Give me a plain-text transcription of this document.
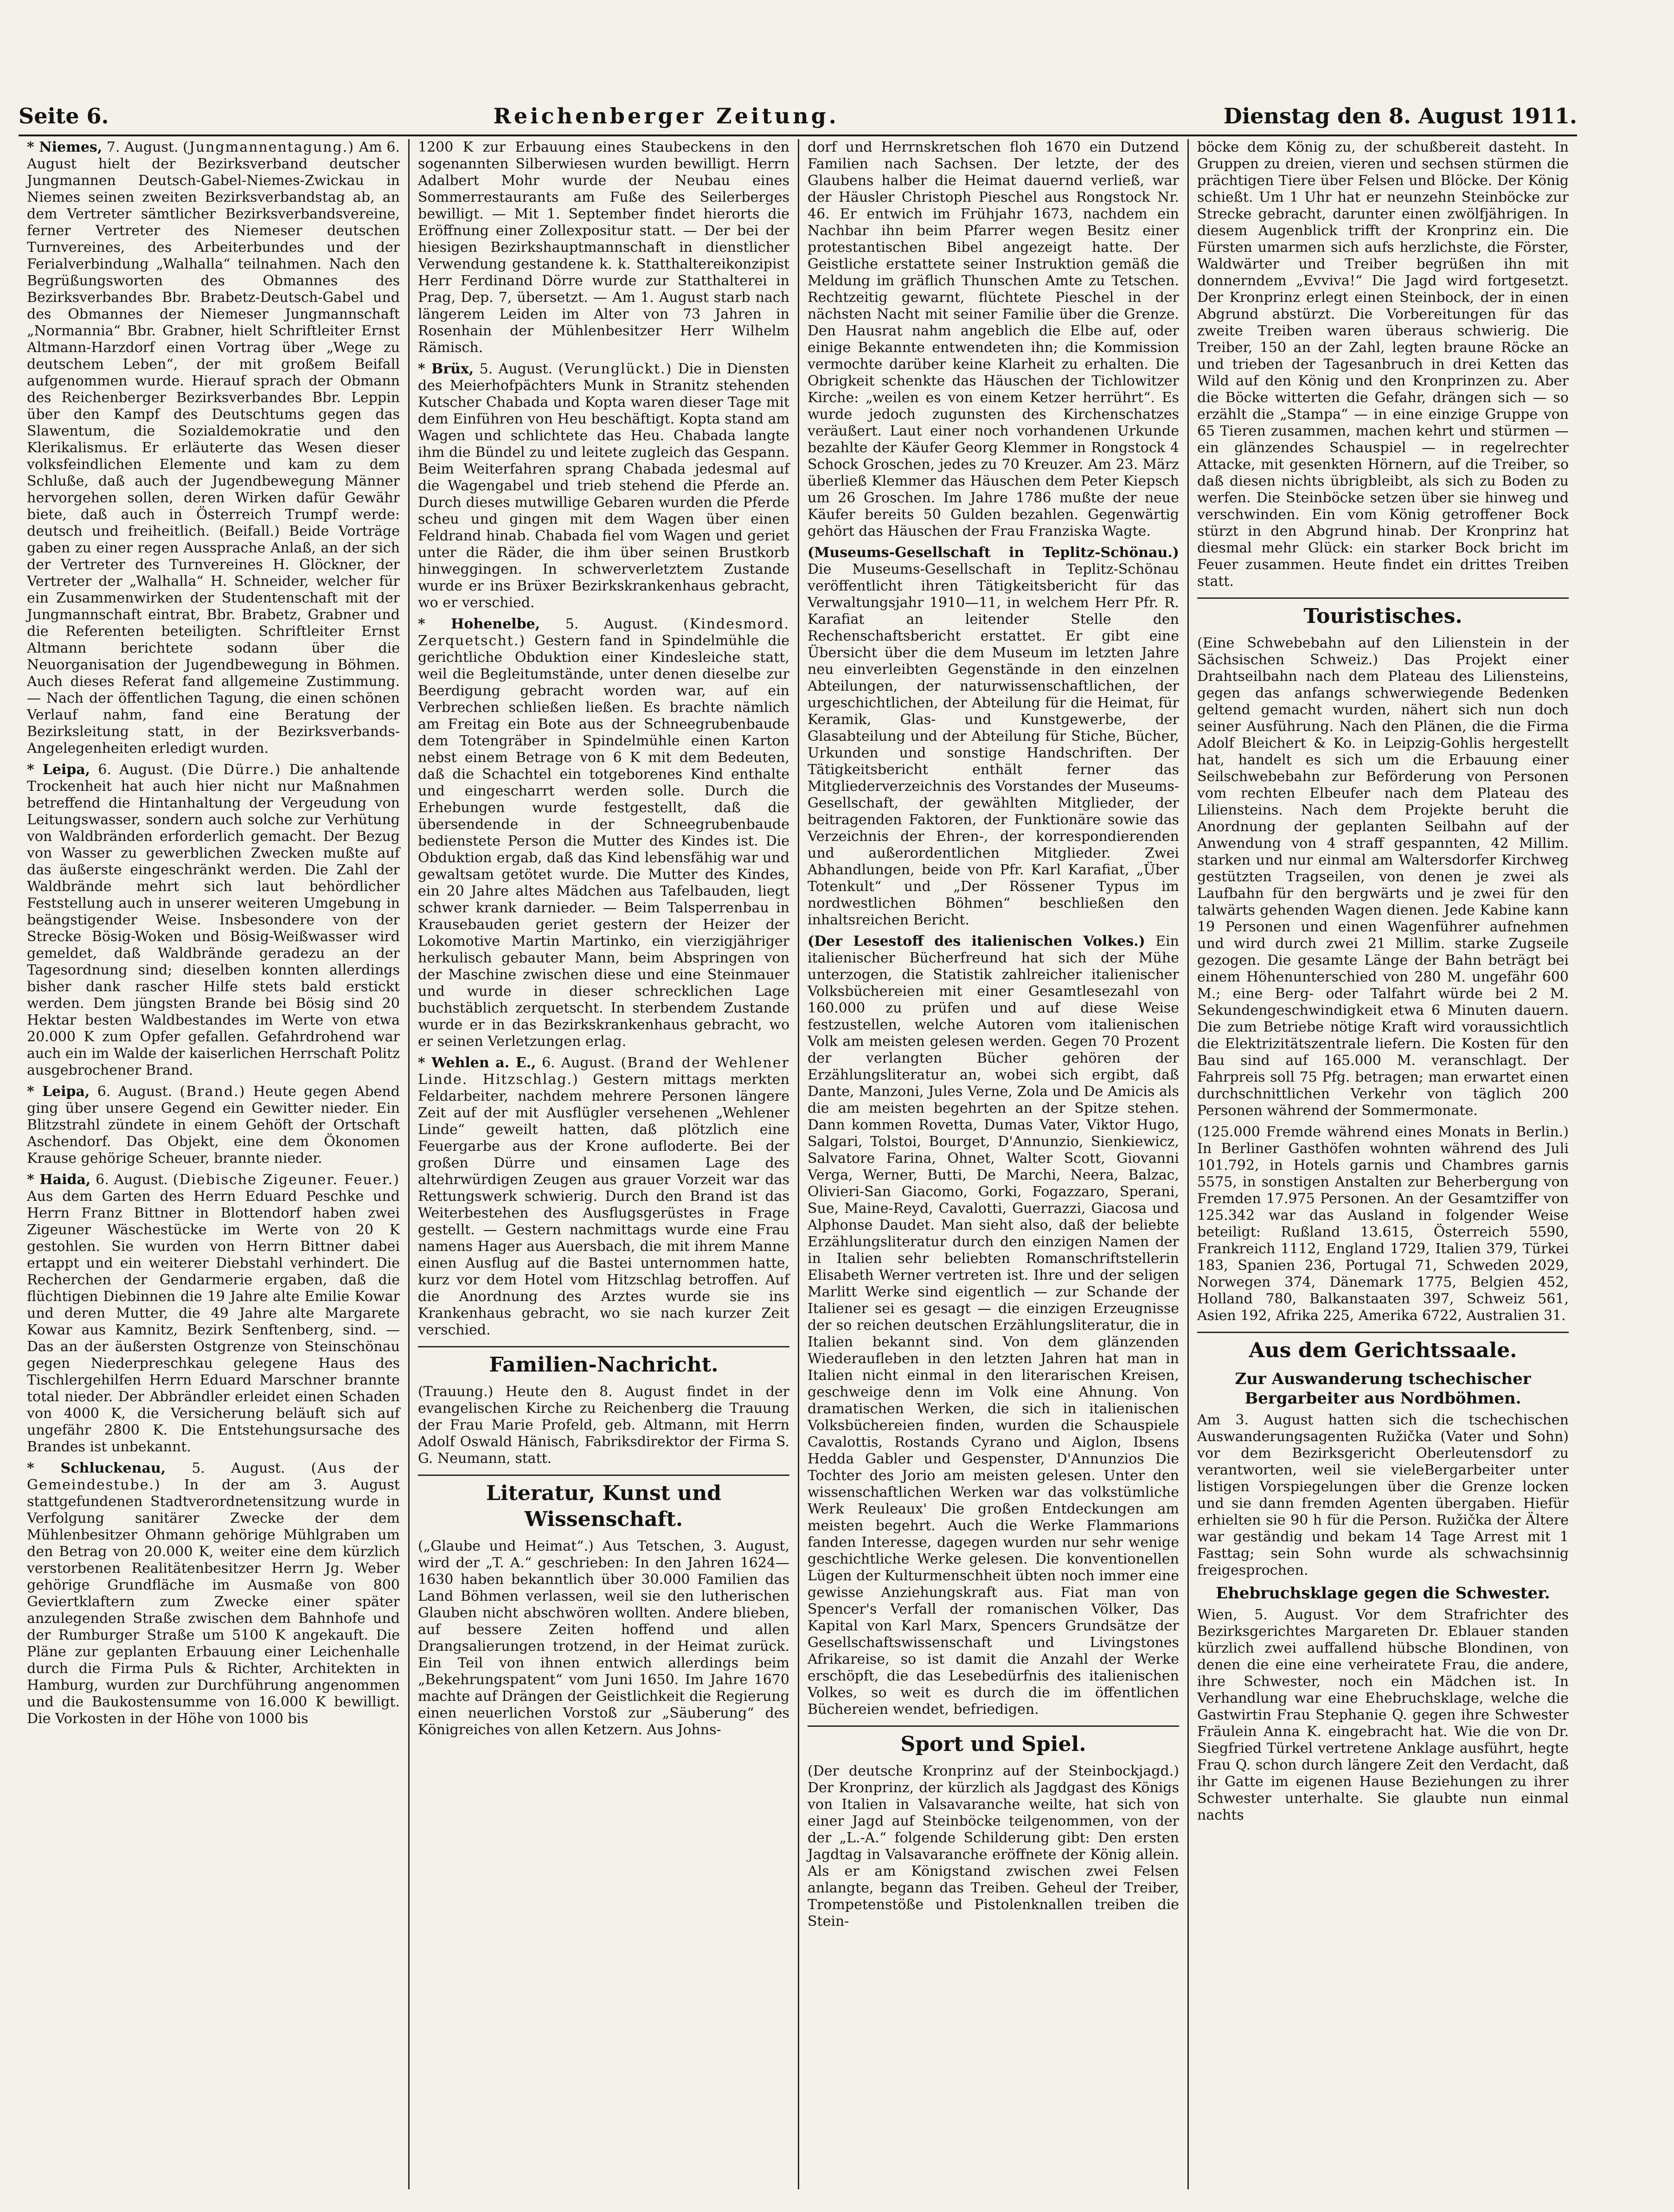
Seite 6.	Reichenberger Zeitung.	Dienstag den 8. August 1911.

* Niemes, 7. August. (Jungmannentagung.) Am 6. August hielt der Bezirksverband deutscher Jungmannen Deutsch-Gabel-Niemes-Zwickau in Niemes seinen zweiten Bezirksverbandstag ab, an dem Vertreter sämtlicher Bezirksverbandsvereine, ferner Vertreter des Niemeser deutschen Turnvereines, des Arbeiterbundes und der Ferialverbindung „Walhalla“ teilnahmen. Nach den Begrüßungsworten des Obmannes des Bezirksverbandes Bbr. Brabetz-Deutsch-Gabel und des Obmannes der Niemeser Jungmannschaft „Normannia“ Bbr. Grabner, hielt Schriftleiter Ernst Altmann-Harzdorf einen Vortrag über „Wege zu deutschem Leben“, der mit großem Beifall aufgenommen wurde. Hierauf sprach der Obmann des Reichenberger Bezirksverbandes Bbr. Leppin über den Kampf des Deutschtums gegen das Slawentum, die Sozialdemokratie und den Klerikalismus. Er erläuterte das Wesen dieser volksfeindlichen Elemente und kam zu dem Schluße, daß auch der Jugendbewegung Männer hervorgehen sollen, deren Wirken dafür Gewähr biete, daß auch in Österreich Trumpf werde: deutsch und freiheitlich. (Beifall.) Beide Vorträge gaben zu einer regen Aussprache Anlaß, an der sich der Vertreter des Turnvereines H. Glöckner, der Vertreter der „Walhalla“ H. Schneider, welcher für ein Zusammenwirken der Studentenschaft mit der Jungmannschaft eintrat, Bbr. Brabetz, Grabner und die Referenten beteiligten. Schriftleiter Ernst Altmann berichtete sodann über die Neuorganisation der Jugendbewegung in Böhmen. Auch dieses Referat fand allgemeine Zustimmung. — Nach der öffentlichen Tagung, die einen schönen Verlauf nahm, fand eine Beratung der Bezirksleitung statt, in der Bezirksverbands-Angelegenheiten erledigt wurden.

* Leipa, 6. August. (Die Dürre.) Die anhaltende Trockenheit hat auch hier nicht nur Maßnahmen betreffend die Hintanhaltung der Vergeudung von Leitungswasser, sondern auch solche zur Verhütung von Waldbränden erforderlich gemacht. Der Bezug von Wasser zu gewerblichen Zwecken mußte auf das äußerste eingeschränkt werden. Die Zahl der Waldbrände mehrt sich laut behördlicher Feststellung auch in unserer weiteren Umgebung in beängstigender Weise. Insbesondere von der Strecke Bösig-Woken und Bösig-Weißwasser wird gemeldet, daß Waldbrände geradezu an der Tagesordnung sind; dieselben konnten allerdings bisher dank rascher Hilfe stets bald erstickt werden. Dem jüngsten Brande bei Bösig sind 20 Hektar besten Waldbestandes im Werte von etwa 20.000 K zum Opfer gefallen. Gefahrdrohend war auch ein im Walde der kaiserlichen Herrschaft Politz ausgebrochener Brand.

* Leipa, 6. August. (Brand.) Heute gegen Abend ging über unsere Gegend ein Gewitter nieder. Ein Blitzstrahl zündete in einem Gehöft der Ortschaft Aschendorf. Das Objekt, eine dem Ökonomen Krause gehörige Scheuer, brannte nieder.

* Haida, 6. August. (Diebische Zigeuner. Feuer.) Aus dem Garten des Herrn Eduard Peschke und Herrn Franz Bittner in Blottendorf haben zwei Zigeuner Wäschestücke im Werte von 20 K gestohlen. Sie wurden von Herrn Bittner dabei ertappt und ein weiterer Diebstahl verhindert. Die Recherchen der Gendarmerie ergaben, daß die flüchtigen Diebinnen die 19 Jahre alte Emilie Kowar und deren Mutter, die 49 Jahre alte Margarete Kowar aus Kamnitz, Bezirk Senftenberg, sind. — Das an der äußersten Ostgrenze von Steinschönau gegen Niederpreschkau gelegene Haus des Tischlergehilfen Herrn Eduard Marschner brannte total nieder. Der Abbrändler erleidet einen Schaden von 4000 K, die Versicherung beläuft sich auf ungefähr 2800 K. Die Entstehungsursache des Brandes ist unbekannt.

* Schluckenau, 5. August. (Aus der Gemeindestube.) In der am 3. August stattgefundenen Stadtverordnetensitzung wurde in Verfolgung sanitärer Zwecke der dem Mühlenbesitzer Ohmann gehörige Mühlgraben um den Betrag von 20.000 K, weiter eine dem kürzlich verstorbenen Realitätenbesitzer Herrn Jg. Weber gehörige Grundfläche im Ausmaße von 800 Geviertklaftern zum Zwecke einer später anzulegenden Straße zwischen dem Bahnhofe und der Rumburger Straße um 5100 K angekauft. Die Pläne zur geplanten Erbauung einer Leichenhalle durch die Firma Puls & Richter, Architekten in Hamburg, wurden zur Durchführung angenommen und die Baukostensumme von 16.000 K bewilligt. Die Vorkosten in der Höhe von 1000 bis

1200 K zur Erbauung eines Staubeckens in den sogenannten Silberwiesen wurden bewilligt. Herrn Adalbert Mohr wurde der Neubau eines Sommerrestaurants am Fuße des Seilerberges bewilligt. — Mit 1. September findet hierorts die Eröffnung einer Zollexpositur statt. — Der bei der hiesigen Bezirkshauptmannschaft in dienstlicher Verwendung gestandene k. k. Statthaltereikonzipist Herr Ferdinand Dörre wurde zur Statthalterei in Prag, Dep. 7, übersetzt. — Am 1. August starb nach längerem Leiden im Alter von 73 Jahren in Rosenhain der Mühlenbesitzer Herr Wilhelm Rämisch.

* Brüx, 5. August. (Verunglückt.) Die in Diensten des Meierhofpächters Munk in Stranitz stehenden Kutscher Chabada und Kopta waren dieser Tage mit dem Einführen von Heu beschäftigt. Kopta stand am Wagen und schlichtete das Heu. Chabada langte ihm die Bündel zu und leitete zugleich das Gespann. Beim Weiterfahren sprang Chabada jedesmal auf die Wagengabel und trieb stehend die Pferde an. Durch dieses mutwillige Gebaren wurden die Pferde scheu und gingen mit dem Wagen über einen Feldrand hinab. Chabada fiel vom Wagen und geriet unter die Räder, die ihm über seinen Brustkorb hinweggingen. In schwerverletztem Zustande wurde er ins Brüxer Bezirkskrankenhaus gebracht, wo er verschied.

* Hohenelbe, 5. August. (Kindesmord. Zerquetscht.) Gestern fand in Spindelmühle die gerichtliche Obduktion einer Kindesleiche statt, weil die Begleitumstände, unter denen dieselbe zur Beerdigung gebracht worden war, auf ein Verbrechen schließen ließen. Es brachte nämlich am Freitag ein Bote aus der Schneegrubenbaude dem Totengräber in Spindelmühle einen Karton nebst einem Betrage von 6 K mit dem Bedeuten, daß die Schachtel ein totgeborenes Kind enthalte und eingescharrt werden solle. Durch die Erhebungen wurde festgestellt, daß die übersendende in der Schneegrubenbaude bedienstete Person die Mutter des Kindes ist. Die Obduktion ergab, daß das Kind lebensfähig war und gewaltsam getötet wurde. Die Mutter des Kindes, ein 20 Jahre altes Mädchen aus Tafelbauden, liegt schwer krank darnieder. — Beim Talsperrenbau in Krausebauden geriet gestern der Heizer der Lokomotive Martin Martinko, ein vierzigjähriger herkulisch gebauter Mann, beim Abspringen von der Maschine zwischen diese und eine Steinmauer und wurde in dieser schrecklichen Lage buchstäblich zerquetscht. In sterbendem Zustande wurde er in das Bezirkskrankenhaus gebracht, wo er seinen Verletzungen erlag.

* Wehlen a. E., 6. August. (Brand der Wehlener Linde. Hitzschlag.) Gestern mittags merkten Feldarbeiter, nachdem mehrere Personen längere Zeit auf der mit Ausflügler versehenen „Wehlener Linde“ geweilt hatten, daß plötzlich eine Feuergarbe aus der Krone aufloderte. Bei der großen Dürre und einsamen Lage des altehrwürdigen Zeugen aus grauer Vorzeit war das Rettungswerk schwierig. Durch den Brand ist das Weiterbestehen des Ausflugsgerüstes in Frage gestellt. — Gestern nachmittags wurde eine Frau namens Hager aus Auersbach, die mit ihrem Manne einen Ausflug auf die Bastei unternommen hatte, kurz vor dem Hotel vom Hitzschlag betroffen. Auf die Anordnung des Arztes wurde sie ins Krankenhaus gebracht, wo sie nach kurzer Zeit verschied.

Familien-Nachricht.

(Trauung.) Heute den 8. August findet in der evangelischen Kirche zu Reichenberg die Trauung der Frau Marie Profeld, geb. Altmann, mit Herrn Adolf Oswald Hänisch, Fabriksdirektor der Firma S. G. Neumann, statt.

Literatur, Kunst und Wissenschaft.

(„Glaube und Heimat“.) Aus Tetschen, 3. August, wird der „T. A.“ geschrieben: In den Jahren 1624—1630 haben bekanntlich über 30.000 Familien das Land Böhmen verlassen, weil sie den lutherischen Glauben nicht abschwören wollten. Andere blieben, auf bessere Zeiten hoffend und allen Drangsalierungen trotzend, in der Heimat zurück. Ein Teil von ihnen entwich allerdings beim „Bekehrungspatent“ vom Juni 1650. Im Jahre 1670 machte auf Drängen der Geistlichkeit die Regierung einen neuerlichen Vorstoß zur „Säuberung“ des Königreiches von allen Ketzern. Aus Johns-

dorf und Herrnskretschen floh 1670 ein Dutzend Familien nach Sachsen. Der letzte, der des Glaubens halber die Heimat dauernd verließ, war der Häusler Christoph Pieschel aus Rongstock Nr. 46. Er entwich im Frühjahr 1673, nachdem ein Nachbar ihn beim Pfarrer wegen Besitz einer protestantischen Bibel angezeigt hatte. Der Geistliche erstattete seiner Instruktion gemäß die Meldung im gräflich Thunschen Amte zu Tetschen. Rechtzeitig gewarnt, flüchtete Pieschel in der nächsten Nacht mit seiner Familie über die Grenze. Den Hausrat nahm angeblich die Elbe auf, oder einige Bekannte entwendeten ihn; die Kommission vermochte darüber keine Klarheit zu erhalten. Die Obrigkeit schenkte das Häuschen der Tichlowitzer Kirche: „weilen es von einem Ketzer herrührt“. Es wurde jedoch zugunsten des Kirchenschatzes veräußert. Laut einer noch vorhandenen Urkunde bezahlte der Käufer Georg Klemmer in Rongstock 4 Schock Groschen, jedes zu 70 Kreuzer. Am 23. März überließ Klemmer das Häuschen dem Peter Kiepsch um 26 Groschen. Im Jahre 1786 mußte der neue Käufer bereits 50 Gulden bezahlen. Gegenwärtig gehört das Häuschen der Frau Franziska Wagte.

(Museums-Gesellschaft in Teplitz-Schönau.) Die Museums-Gesellschaft in Teplitz-Schönau veröffentlicht ihren Tätigkeitsbericht für das Verwaltungsjahr 1910—11, in welchem Herr Pfr. R. Karafiat an leitender Stelle den Rechenschaftsbericht erstattet. Er gibt eine Übersicht über die dem Museum im letzten Jahre neu einverleibten Gegenstände in den einzelnen Abteilungen, der naturwissenschaftlichen, der urgeschichtlichen, der Abteilung für die Heimat, für Keramik, Glas- und Kunstgewerbe, der Glasabteilung und der Abteilung für Stiche, Bücher, Urkunden und sonstige Handschriften. Der Tätigkeitsbericht enthält ferner das Mitgliederverzeichnis des Vorstandes der Museums-Gesellschaft, der gewählten Mitglieder, der beitragenden Faktoren, der Funktionäre sowie das Verzeichnis der Ehren-, der korrespondierenden und außerordentlichen Mitglieder. Zwei Abhandlungen, beide von Pfr. Karl Karafiat, „Über Totenkult“ und „Der Rössener Typus im nordwestlichen Böhmen“ beschließen den inhaltsreichen Bericht.

(Der Lesestoff des italienischen Volkes.) Ein italienischer Bücherfreund hat sich der Mühe unterzogen, die Statistik zahlreicher italienischer Volksbüchereien mit einer Gesamtlesezahl von 160.000 zu prüfen und auf diese Weise festzustellen, welche Autoren vom italienischen Volk am meisten gelesen werden. Gegen 70 Prozent der verlangten Bücher gehören der Erzählungsliteratur an, wobei sich ergibt, daß Dante, Manzoni, Jules Verne, Zola und De Amicis als die am meisten begehrten an der Spitze stehen. Dann kommen Rovetta, Dumas Vater, Viktor Hugo, Salgari, Tolstoi, Bourget, D'Annunzio, Sienkiewicz, Salvatore Farina, Ohnet, Walter Scott, Giovanni Verga, Werner, Butti, De Marchi, Neera, Balzac, Olivieri-San Giacomo, Gorki, Fogazzaro, Sperani, Sue, Maine-Reyd, Cavalotti, Guerrazzi, Giacosa und Alphonse Daudet. Man sieht also, daß der beliebte Erzählungsliteratur durch den einzigen Namen der in Italien sehr beliebten Romanschriftstellerin Elisabeth Werner vertreten ist. Ihre und der seligen Marlitt Werke sind eigentlich — zur Schande der Italiener sei es gesagt — die einzigen Erzeugnisse der so reichen deutschen Erzählungsliteratur, die in Italien bekannt sind. Von dem glänzenden Wiederaufleben in den letzten Jahren hat man in Italien nicht einmal in den literarischen Kreisen, geschweige denn im Volk eine Ahnung. Von dramatischen Werken, die sich in italienischen Volksbüchereien finden, wurden die Schauspiele Cavalottis, Rostands Cyrano und Aiglon, Ibsens Hedda Gabler und Gespenster, D'Annunzios Die Tochter des Jorio am meisten gelesen. Unter den wissenschaftlichen Werken war das volkstümliche Werk Reuleaux' Die großen Entdeckungen am meisten begehrt. Auch die Werke Flammarions fanden Interesse, dagegen wurden nur sehr wenige geschichtliche Werke gelesen. Die konventionellen Lügen der Kulturmenschheit übten noch immer eine gewisse Anziehungskraft aus. Fiat man von Spencer's Verfall der romanischen Völker, Das Kapital von Karl Marx, Spencers Grundsätze der Gesellschaftswissenschaft und Livingstones Afrikareise, so ist damit die Anzahl der Werke erschöpft, die das Lesebedürfnis des italienischen Volkes, so weit es durch die im öffentlichen Büchereien wendet, befriedigen.

Sport und Spiel.

(Der deutsche Kronprinz auf der Steinbockjagd.) Der Kronprinz, der kürzlich als Jagdgast des Königs von Italien in Valsavaranche weilte, hat sich von einer Jagd auf Steinböcke teilgenommen, von der der „L.-A.“ folgende Schilderung gibt: Den ersten Jagdtag in Valsavaranche eröffnete der König allein. Als er am Königstand zwischen zwei Felsen anlangte, begann das Treiben. Geheul der Treiber, Trompetenstöße und Pistolenknallen treiben die Stein-

böcke dem König zu, der schußbereit dasteht. In Gruppen zu dreien, vieren und sechsen stürmen die prächtigen Tiere über Felsen und Blöcke. Der König schießt. Um 1 Uhr hat er neunzehn Steinböcke zur Strecke gebracht, darunter einen zwölfjährigen. In diesem Augenblick trifft der Kronprinz ein. Die Fürsten umarmen sich aufs herzlichste, die Förster, Waldwärter und Treiber begrüßen ihn mit donnerndem „Evviva!“ Die Jagd wird fortgesetzt. Der Kronprinz erlegt einen Steinbock, der in einen Abgrund abstürzt. Die Vorbereitungen für das zweite Treiben waren überaus schwierig. Die Treiber, 150 an der Zahl, legten braune Röcke an und trieben der Tagesanbruch in drei Ketten das Wild auf den König und den Kronprinzen zu. Aber die Böcke witterten die Gefahr, drängen sich — so erzählt die „Stampa“ — in eine einzige Gruppe von 65 Tieren zusammen, machen kehrt und stürmen — ein glänzendes Schauspiel — in regelrechter Attacke, mit gesenkten Hörnern, auf die Treiber, so daß diesen nichts übrigbleibt, als sich zu Boden zu werfen. Die Steinböcke setzen über sie hinweg und verschwinden. Ein vom König getroffener Bock stürzt in den Abgrund hinab. Der Kronprinz hat diesmal mehr Glück: ein starker Bock bricht im Feuer zusammen. Heute findet ein drittes Treiben statt.

Touristisches.

(Eine Schwebebahn auf den Lilienstein in der Sächsischen Schweiz.) Das Projekt einer Drahtseilbahn nach dem Plateau des Liliensteins, gegen das anfangs schwerwiegende Bedenken geltend gemacht wurden, nähert sich nun doch seiner Ausführung. Nach den Plänen, die die Firma Adolf Bleichert & Ko. in Leipzig-Gohlis hergestellt hat, handelt es sich um die Erbauung einer Seilschwebebahn zur Beförderung von Personen vom rechten Elbeufer nach dem Plateau des Liliensteins. Nach dem Projekte beruht die Anordnung der geplanten Seilbahn auf der Anwendung von 4 straff gespannten, 42 Millim. starken und nur einmal am Waltersdorfer Kirchweg gestützten Tragseilen, von denen je zwei als Laufbahn für den bergwärts und je zwei für den talwärts gehenden Wagen dienen. Jede Kabine kann 19 Personen und einen Wagenführer aufnehmen und wird durch zwei 21 Millim. starke Zugseile gezogen. Die gesamte Länge der Bahn beträgt bei einem Höhenunterschied von 280 M. ungefähr 600 M.; eine Berg- oder Talfahrt würde bei 2 M. Sekundengeschwindigkeit etwa 6 Minuten dauern. Die zum Betriebe nötige Kraft wird voraussichtlich die Elektrizitätszentrale liefern. Die Kosten für den Bau sind auf 165.000 M. veranschlagt. Der Fahrpreis soll 75 Pfg. betragen; man erwartet einen durchschnittlichen Verkehr von täglich 200 Personen während der Sommermonate.

(125.000 Fremde während eines Monats in Berlin.) In Berliner Gasthöfen wohnten während des Juli 101.792, in Hotels garnis und Chambres garnis 5575, in sonstigen Anstalten zur Beherbergung von Fremden 17.975 Personen. An der Gesamtziffer von 125.342 war das Ausland in folgender Weise beteiligt: Rußland 13.615, Österreich 5590, Frankreich 1112, England 1729, Italien 379, Türkei 183, Spanien 236, Portugal 71, Schweden 2029, Norwegen 374, Dänemark 1775, Belgien 452, Holland 780, Balkanstaaten 397, Schweiz 561, Asien 192, Afrika 225, Amerika 6722, Australien 31.

Aus dem Gerichtssaale.
Zur Auswanderung tschechischer Bergarbeiter aus Nordböhmen.

Am 3. August hatten sich die tschechischen Auswanderungsagenten Ružička (Vater und Sohn) vor dem Bezirksgericht Oberleutensdorf zu verantworten, weil sie vieleBergarbeiter unter listigen Vorspiegelungen über die Grenze locken und sie dann fremden Agenten übergaben. Hiefür erhielten sie 90 h für die Person. Ružička der Ältere war geständig und bekam 14 Tage Arrest mit 1 Fasttag; sein Sohn wurde als schwachsinnig freigesprochen.

Ehebruchsklage gegen die Schwester.

Wien, 5. August. Vor dem Strafrichter des Bezirksgerichtes Margareten Dr. Eblauer standen kürzlich zwei auffallend hübsche Blondinen, von denen die eine eine verheiratete Frau, die andere, ihre Schwester, noch ein Mädchen ist. In Verhandlung war eine Ehebruchsklage, welche die Gastwirtin Frau Stephanie Q. gegen ihre Schwester Fräulein Anna K. eingebracht hat. Wie die von Dr. Siegfried Türkel vertretene Anklage ausführt, hegte Frau Q. schon durch längere Zeit den Verdacht, daß ihr Gatte im eigenen Hause Beziehungen zu ihrer Schwester unterhalte. Sie glaubte nun einmal nachts
